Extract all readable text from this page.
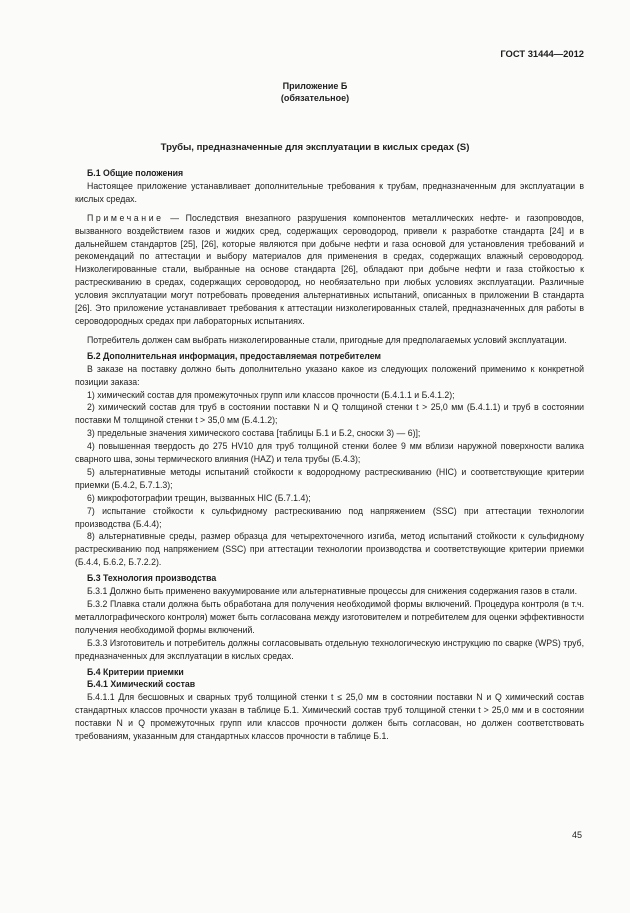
ГОСТ 31444—2012
Приложение Б
(обязательное)
Трубы, предназначенные для эксплуатации в кислых средах (S)

Б.1 Общие положения

Настоящее приложение устанавливает дополнительные требования к трубам, предназначенным для эксплуатации в кислых средах.

Примечание — Последствия внезапного разрушения компонентов металлических нефте- и газопроводов, вызванного воздействием газов и жидких сред, содержащих сероводород, привели к разработке стандарта [24] и в дальнейшем стандартов [25], [26], которые являются при добыче нефти и газа основой для установления требований и рекомендаций по аттестации и выбору материалов для применения в средах, содержащих влажный сероводород. Низколегированные стали, выбранные на основе стандарта [26], обладают при добыче нефти и газа стойкостью к растрескиванию в средах, содержащих сероводород, но необязательно при любых условиях эксплуатации. Различные условия эксплуатации могут потребовать проведения альтернативных испытаний, описанных в приложении В стандарта [26]. Это приложение устанавливает требования к аттестации низколегированных сталей, предназначенных для работы в сероводородных средах при лабораторных испытаниях.

Потребитель должен сам выбрать низколегированные стали, пригодные для предполагаемых условий эксплуатации.

Б.2 Дополнительная информация, предоставляемая потребителем

В заказе на поставку должно быть дополнительно указано какое из следующих положений применимо к конкретной позиции заказа:

1) химический состав для промежуточных групп или классов прочности (Б.4.1.1 и Б.4.1.2);

2) химический состав для труб в состоянии поставки N и Q толщиной стенки t > 25,0 мм (Б.4.1.1) и труб в состоянии поставки М толщиной стенки t > 35,0 мм (Б.4.1.2);

3) предельные значения химического состава [таблицы Б.1 и Б.2, сноски 3) — 6)];

4) повышенная твердость до 275 HV10 для труб толщиной стенки более 9 мм вблизи наружной поверхности валика сварного шва, зоны термического влияния (HAZ) и тела трубы (Б.4.3);

5) альтернативные методы испытаний стойкости к водородному растрескиванию (HIC) и соответствующие критерии приемки (Б.4.2, Б.7.1.3);

6) микрофотографии трещин, вызванных HIC (Б.7.1.4);

7) испытание стойкости к сульфидному растрескиванию под напряжением (SSC) при аттестации технологии производства (Б.4.4);

8) альтернативные среды, размер образца для четырехточечного изгиба, метод испытаний стойкости к сульфидному растрескиванию под напряжением (SSC) при аттестации технологии производства и соответствующие критерии приемки (Б.4.4, Б.6.2, Б.7.2.2).

Б.3 Технология производства

Б.3.1 Должно быть применено вакуумирование или альтернативные процессы для снижения содержания газов в стали.

Б.3.2 Плавка стали должна быть обработана для получения необходимой формы включений. Процедура контроля (в т.ч. металлографического контроля) может быть согласована между изготовителем и потребителем для оценки эффективности получения необходимой формы включений.

Б.3.3 Изготовитель и потребитель должны согласовывать отдельную технологическую инструкцию по сварке (WPS) труб, предназначенных для эксплуатации в кислых средах.

Б.4 Критерии приемки

Б.4.1 Химический состав

Б.4.1.1 Для бесшовных и сварных труб толщиной стенки t ≤ 25,0 мм в состоянии поставки N и Q химический состав стандартных классов прочности указан в таблице Б.1. Химический состав труб толщиной стенки t > 25,0 мм и в состоянии поставки N и Q промежуточных групп или классов прочности должен быть согласован, но должен соответствовать требованиям, указанным для стандартных классов прочности в таблице Б.1.

45
